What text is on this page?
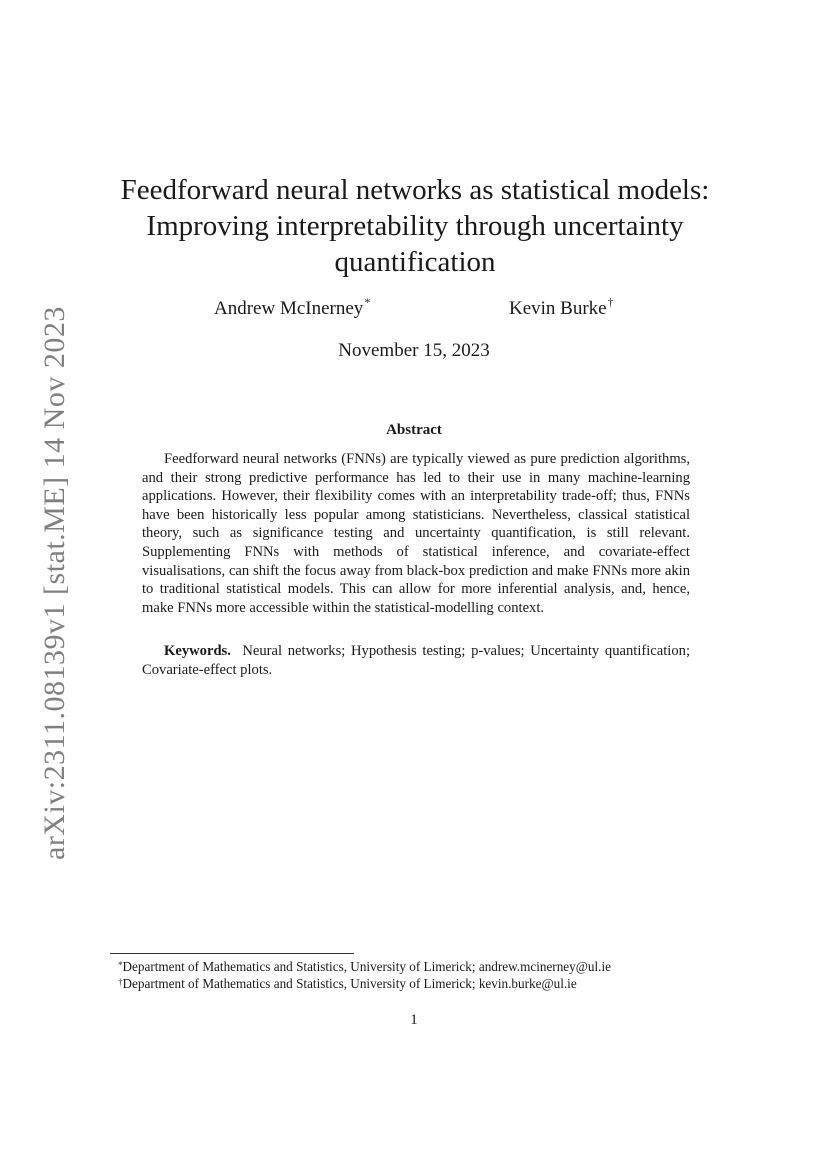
arXiv:2311.08139v1 [stat.ME] 14 Nov 2023
Feedforward neural networks as statistical models:
Improving interpretability through uncertainty
quantification
Andrew McInerney*	Kevin Burke†
November 15, 2023
Abstract
Feedforward neural networks (FNNs) are typically viewed as pure prediction algorithms, and their strong predictive performance has led to their use in many machine-learning applications. However, their flexibility comes with an interpretability trade-off; thus, FNNs have been historically less popular among statisticians. Nevertheless, classical statistical theory, such as significance testing and uncertainty quantification, is still relevant. Supplementing FNNs with methods of statistical inference, and covariate-effect visualisations, can shift the focus away from black-box prediction and make FNNs more akin to traditional statistical models. This can allow for more inferential analysis, and, hence, make FNNs more accessible within the statistical-modelling context.
Keywords. Neural networks; Hypothesis testing; p-values; Uncertainty quantification; Covariate-effect plots.
*Department of Mathematics and Statistics, University of Limerick; andrew.mcinerney@ul.ie
†Department of Mathematics and Statistics, University of Limerick; kevin.burke@ul.ie
1
